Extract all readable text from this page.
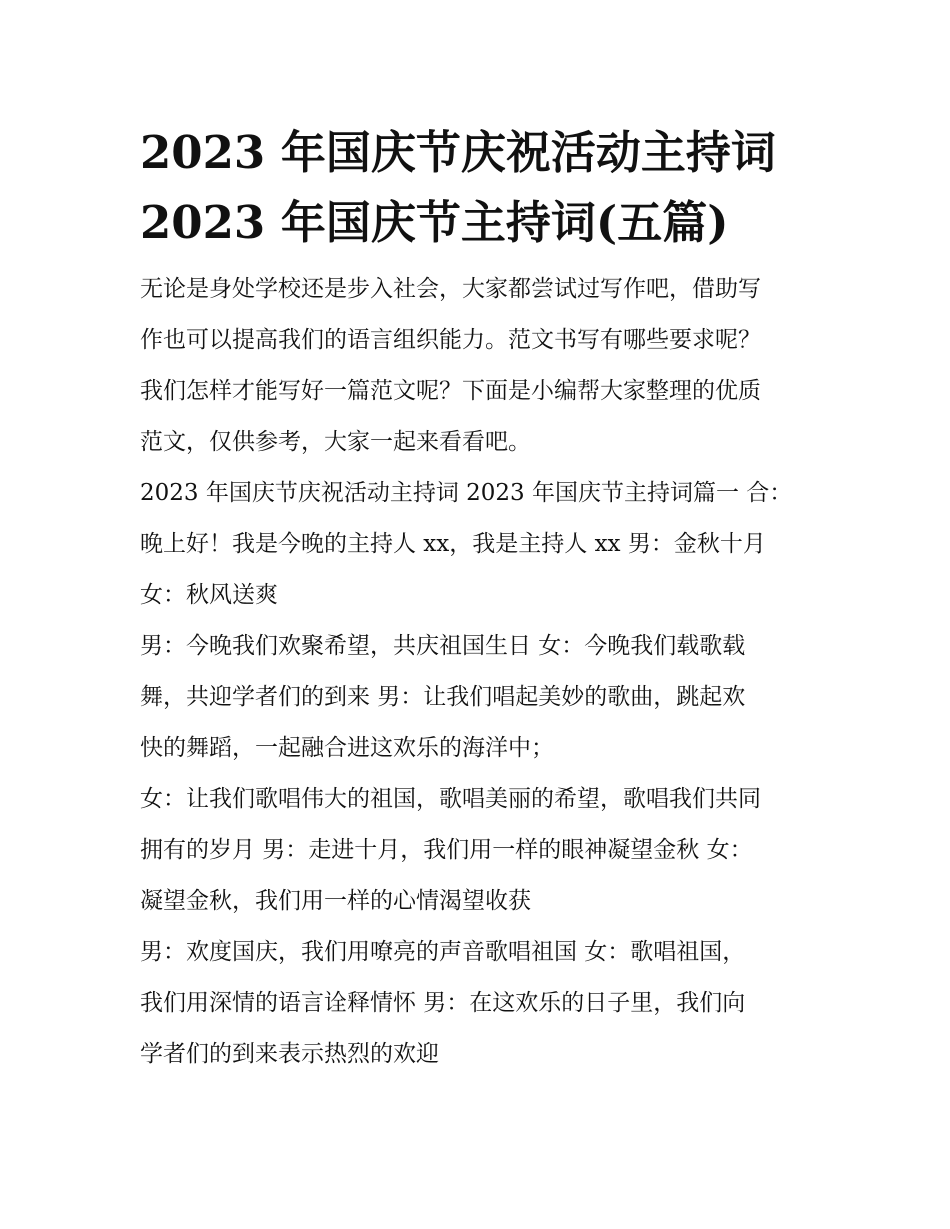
2023 年国庆节庆祝活动主持词
2023 年国庆节主持词(五篇)

无论是身处学校还是步入社会，大家都尝试过写作吧，借助写
作也可以提高我们的语言组织能力。范文书写有哪些要求呢？
我们怎样才能写好一篇范文呢？下面是小编帮大家整理的优质
范文，仅供参考，大家一起来看看吧。

2023 年国庆节庆祝活动主持词 2023 年国庆节主持词篇一 合：
晚上好！我是今晚的主持人 xx，我是主持人 xx 男：金秋十月
女：秋风送爽

男：今晚我们欢聚希望，共庆祖国生日 女：今晚我们载歌载
舞，共迎学者们的到来 男：让我们唱起美妙的歌曲，跳起欢
快的舞蹈，一起融合进这欢乐的海洋中；

女：让我们歌唱伟大的祖国，歌唱美丽的希望，歌唱我们共同
拥有的岁月 男：走进十月，我们用一样的眼神凝望金秋 女：
凝望金秋，我们用一样的心情渴望收获

男：欢度国庆，我们用嘹亮的声音歌唱祖国 女：歌唱祖国，
我们用深情的语言诠释情怀 男：在这欢乐的日子里，我们向
学者们的到来表示热烈的欢迎
